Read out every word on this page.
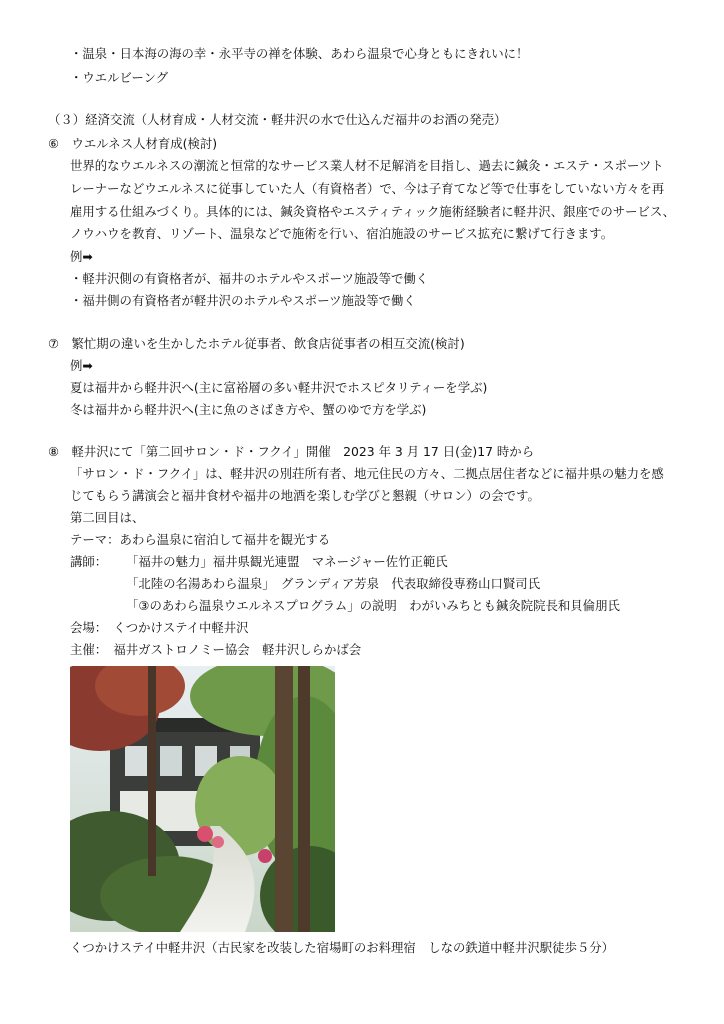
・温泉・日本海の海の幸・永平寺の禅を体験、あわら温泉で心身ともにきれいに！
・ウエルビーング
（３）経済交流（人材育成・人材交流・軽井沢の水で仕込んだ福井のお酒の発売）
⑥　ウエルネス人材育成(検討)
世界的なウエルネスの潮流と恒常的なサービス業人材不足解消を目指し、過去に鍼灸・エステ・スポーツト
レーナーなどウエルネスに従事していた人（有資格者）で、今は子育てなど等で仕事をしていない方々を再
雇用する仕組みづくり。具体的には、鍼灸資格やエスティティック施術経験者に軽井沢、銀座でのサービス、
ノウハウを教育、リゾート、温泉などで施術を行い、宿泊施設のサービス拡充に繋げて行きます。
例➡
・軽井沢側の有資格者が、福井のホテルやスポーツ施設等で働く
・福井側の有資格者が軽井沢のホテルやスポーツ施設等で働く
⑦　繁忙期の違いを生かしたホテル従事者、飲食店従事者の相互交流(検討)
例➡
夏は福井から軽井沢へ(主に富裕層の多い軽井沢でホスピタリティーを学ぶ)
冬は福井から軽井沢へ(主に魚のさばき方や、蟹のゆで方を学ぶ)
⑧　軽井沢にて「第二回サロン・ド・フクイ」開催　2023 年 3 月 17 日(金)17 時から
「サロン・ド・フクイ」は、軽井沢の別荘所有者、地元住民の方々、二拠点居住者などに福井県の魅力を感
じてもらう講演会と福井食材や福井の地酒を楽しむ学びと懇親（サロン）の会です。
第二回目は、
テーマ：あわら温泉に宿泊して福井を観光する
講師： 「福井の魅力」福井県観光連盟　マネージャー佐竹正範氏
「北陸の名湯あわら温泉」　グランディア芳泉　代表取締役専務山口賢司氏
「③のあわら温泉ウエルネスプログラム」の説明　わがいみちとも鍼灸院院長和貝倫朋氏
会場：　くつかけステイ中軽井沢
主催：　福井ガストロノミー協会　軽井沢しらかば会
くつかけステイ中軽井沢（古民家を改装した宿場町のお料理宿　しなの鉄道中軽井沢駅徒歩５分）
